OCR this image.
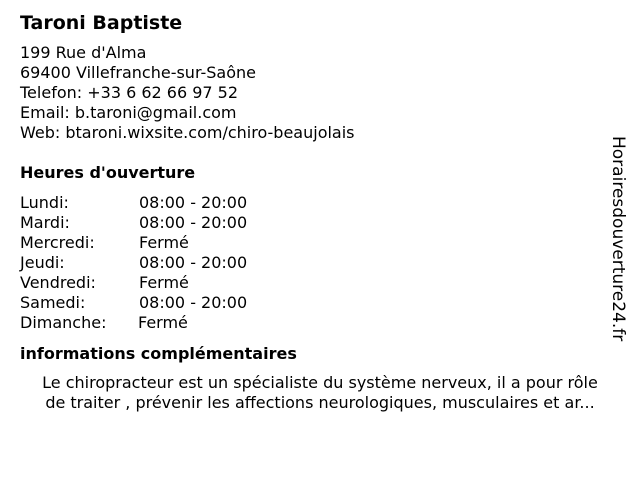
Taroni Baptiste
199 Rue d'Alma
69400 Villefranche-sur-Saône
Telefon: +33 6 62 66 97 52
Email: b.taroni@gmail.com
Web: btaroni.wixsite.com/chiro-beaujolais
Heures d'ouverture
Lundi:	08:00 - 20:00
Mardi:	08:00 - 20:00
Mercredi:	Fermé
Jeudi:	08:00 - 20:00
Vendredi:	Fermé
Samedi:	08:00 - 20:00
Dimanche: Fermé
informations complémentaires
Le chiropracteur est un spécialiste du système nerveux, il a pour rôle
de traiter , prévenir les affections neurologiques, musculaires et ar...
Horairesdouverture24.fr
